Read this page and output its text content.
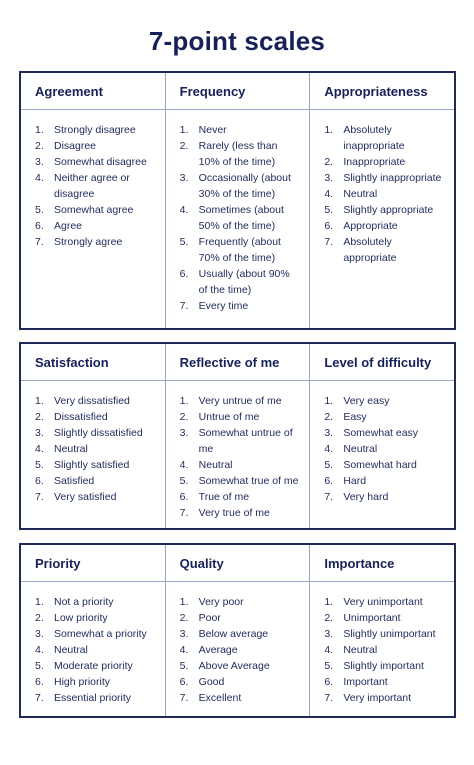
7-point scales
Agreement	Frequency	Appropriateness
1. Strongly disagree
2. Disagree
3. Somewhat disagree
4. Neither agree or disagree
5. Somewhat agree
6. Agree
7. Strongly agree
1. Never
2. Rarely (less than 10% of the time)
3. Occasionally (about 30% of the time)
4. Sometimes (about 50% of the time)
5. Frequently (about 70% of the time)
6. Usually (about 90% of the time)
7. Every time
1. Absolutely inappropriate
2. Inappropriate
3. Slightly inappropriate
4. Neutral
5. Slightly appropriate
6. Appropriate
7. Absolutely appropriate
Satisfaction	Reflective of me	Level of difficulty
1. Very dissatisfied
2. Dissatisfied
3. Slightly dissatisfied
4. Neutral
5. Slightly satisfied
6. Satisfied
7. Very satisfied
1. Very untrue of me
2. Untrue of me
3. Somewhat untrue of me
4. Neutral
5. Somewhat true of me
6. True of me
7. Very true of me
1. Very easy
2. Easy
3. Somewhat easy
4. Neutral
5. Somewhat hard
6. Hard
7. Very hard
Priority	Quality	Importance
1. Not a priority
2. Low priority
3. Somewhat a priority
4. Neutral
5. Moderate priority
6. High priority
7. Essential priority
1. Very poor
2. Poor
3. Below average
4. Average
5. Above Average
6. Good
7. Excellent
1. Very unimportant
2. Unimportant
3. Slightly unimportant
4. Neutral
5. Slightly important
6. Important
7. Very important
